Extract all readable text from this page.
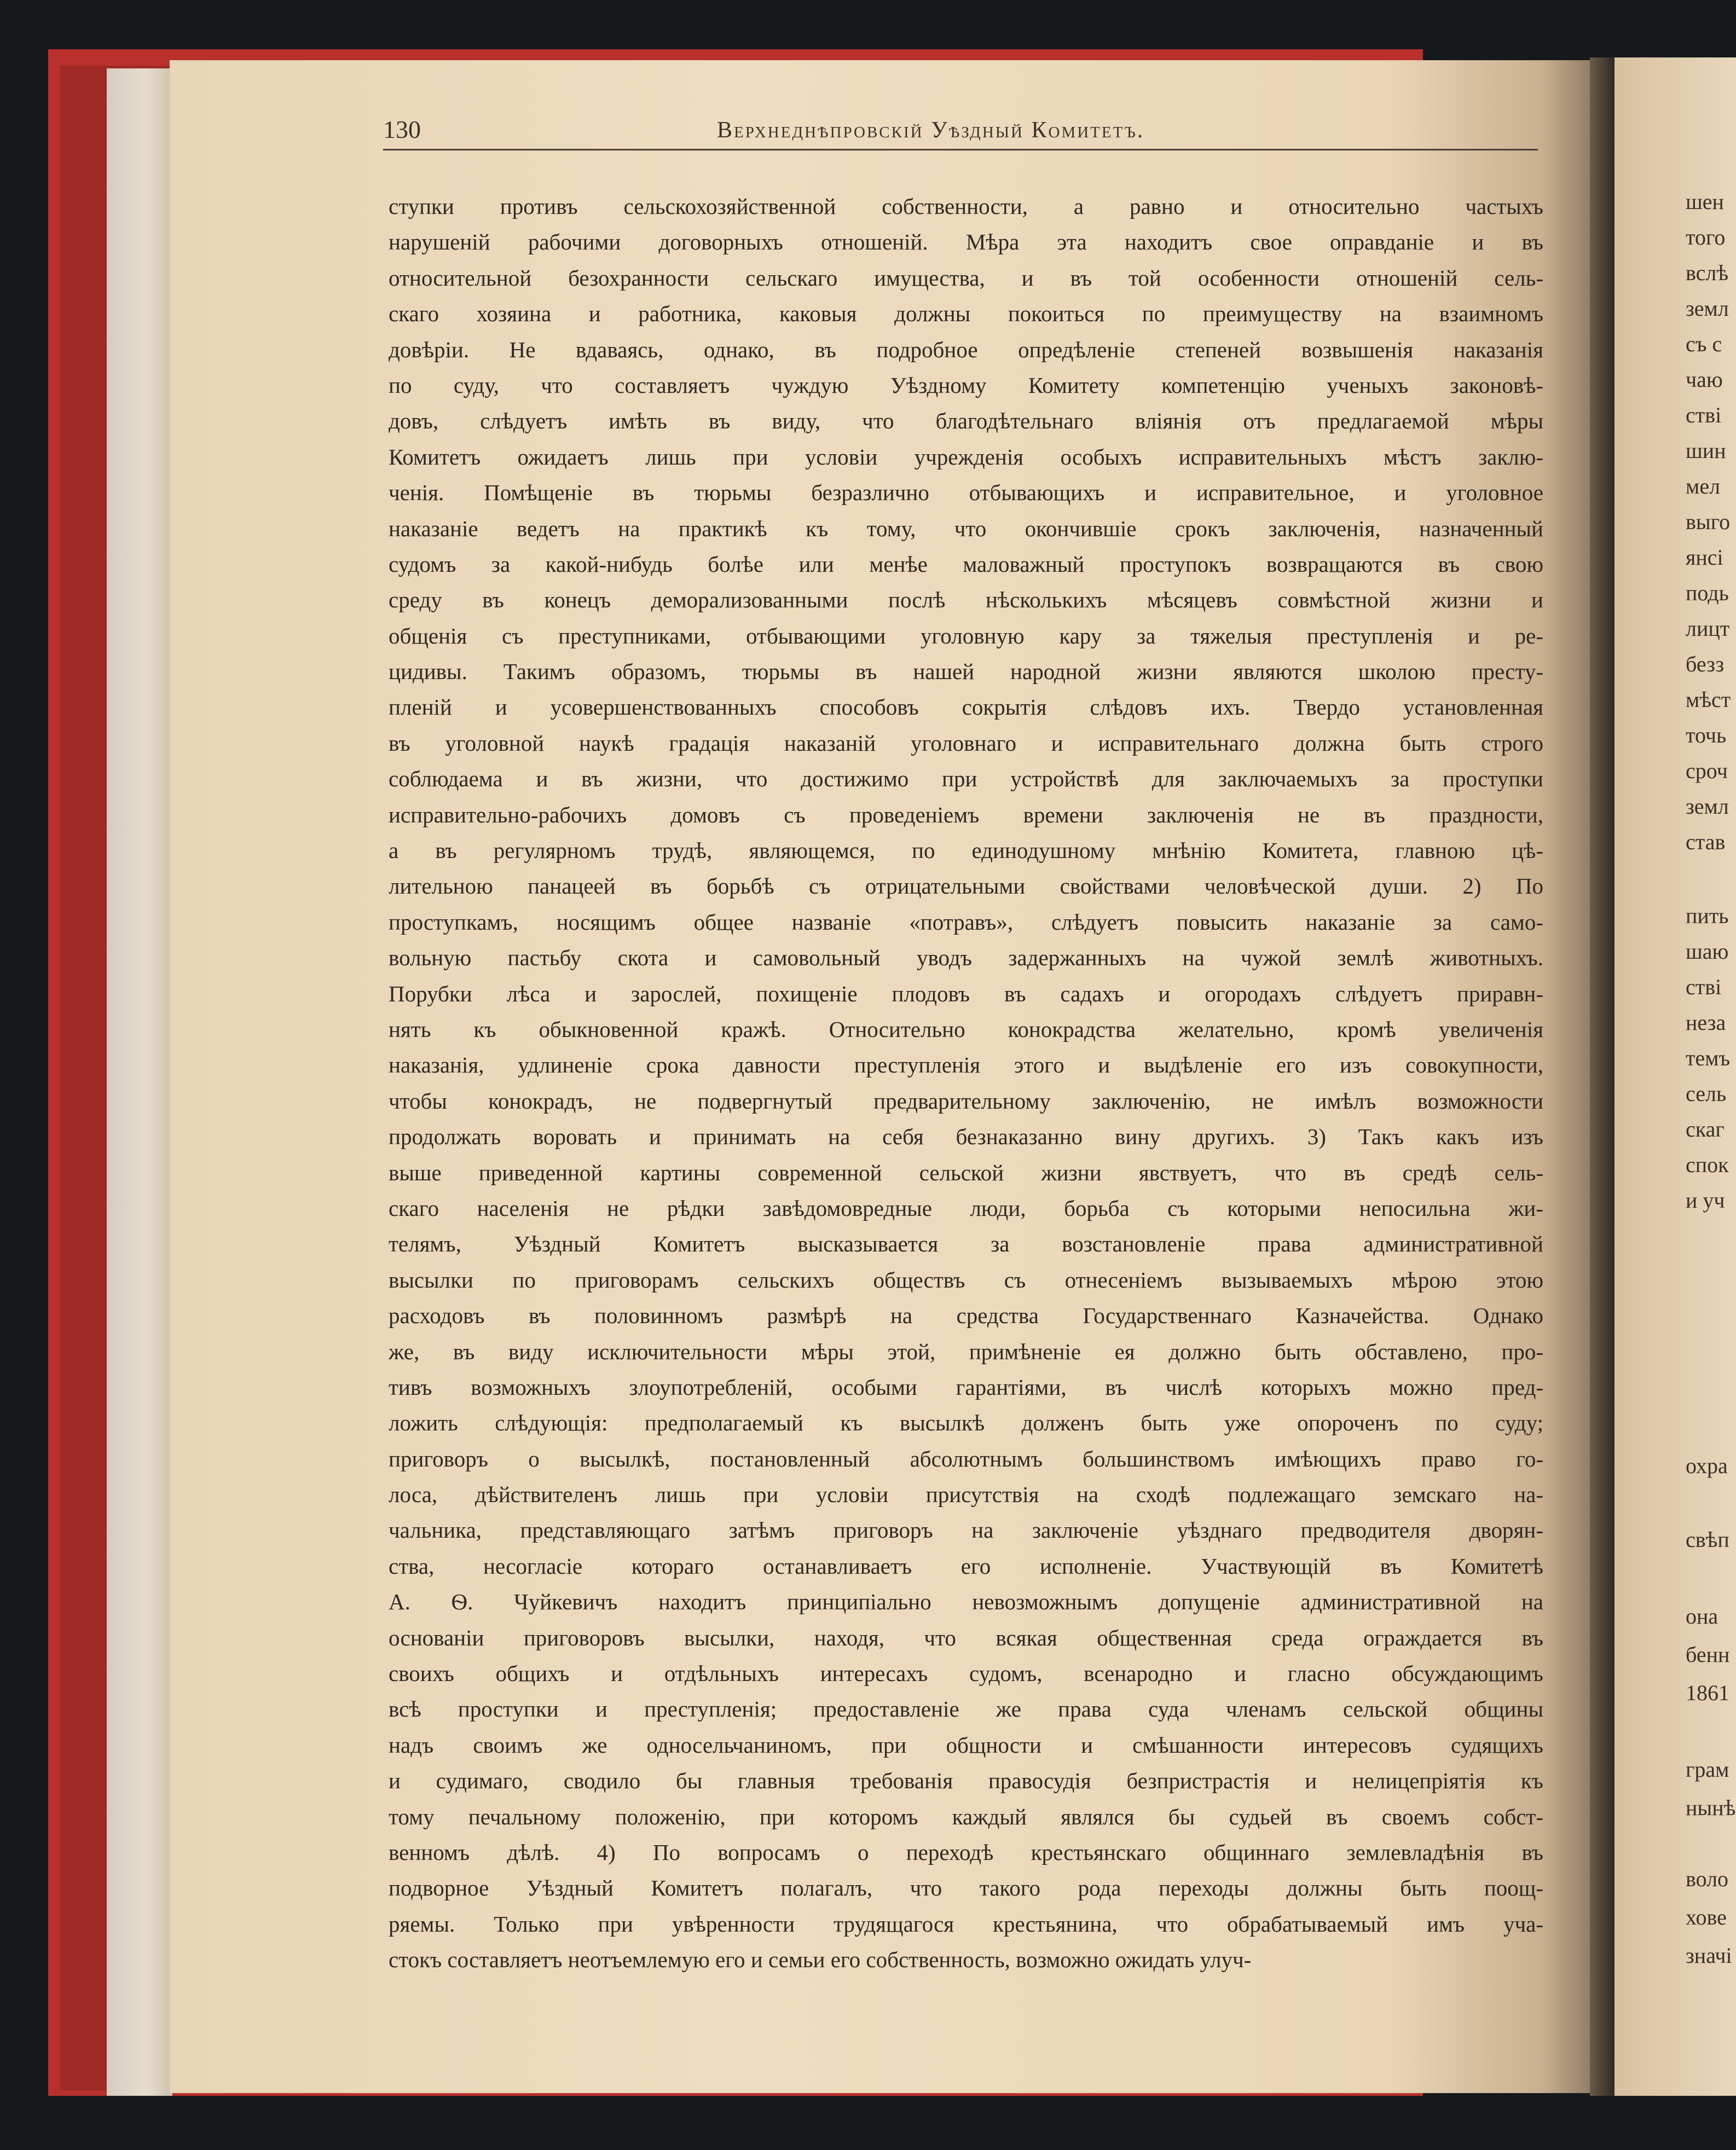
130	Верхнеднѣпровскій Уѣздный Комитетъ.
ступки противъ сельскохозяйственной собственности, а равно и относительно частыхъ
нарушеній рабочими договорныхъ отношеній. Мѣра эта находитъ свое оправданіе и въ
относительной безохранности сельскаго имущества, и въ той особенности отношеній сель-
скаго хозяина и работника, каковыя должны покоиться по преимуществу на взаимномъ
довѣріи. Не вдаваясь, однако, въ подробное опредѣленіе степеней возвышенія наказанія
по суду, что составляетъ чуждую Уѣздному Комитету компетенцію ученыхъ законовѣ-
довъ, слѣдуетъ имѣть въ виду, что благодѣтельнаго вліянія отъ предлагаемой мѣры
Комитетъ ожидаетъ лишь при условіи учрежденія особыхъ исправительныхъ мѣстъ заклю-
ченія. Помѣщеніе въ тюрьмы безразлично отбывающихъ и исправительное, и уголовное
наказаніе ведетъ на практикѣ къ тому, что окончившіе срокъ заключенія, назначенный
судомъ за какой-нибудь болѣе или менѣе маловажный проступокъ возвращаются въ свою
среду въ конецъ деморализованными послѣ нѣсколькихъ мѣсяцевъ совмѣстной жизни и
общенія съ преступниками, отбывающими уголовную кару за тяжелыя преступленія и ре-
цидивы. Такимъ образомъ, тюрьмы въ нашей народной жизни являются школою престу-
пленій и усовершенствованныхъ способовъ сокрытія слѣдовъ ихъ. Твердо установленная
въ уголовной наукѣ градація наказаній уголовнаго и исправительнаго должна быть строго
соблюдаема и въ жизни, что достижимо при устройствѣ для заключаемыхъ за проступки
исправительно-рабочихъ домовъ съ проведеніемъ времени заключенія не въ праздности,
а въ регулярномъ трудѣ, являющемся, по единодушному мнѣнію Комитета, главною цѣ-
лительною панацеей въ борьбѣ съ отрицательными свойствами человѣческой души. 2) По
проступкамъ, носящимъ общее названіе «потравъ», слѣдуетъ повысить наказаніе за само-
вольную пастьбу скота и самовольный уводъ задержанныхъ на чужой землѣ животныхъ.
Порубки лѣса и зарослей, похищеніе плодовъ въ садахъ и огородахъ слѣдуетъ приравн-
нять къ обыкновенной кражѣ. Относительно конокрадства желательно, кромѣ увеличенія
наказанія, удлиненіе срока давности преступленія этого и выдѣленіе его изъ совокупности,
чтобы конокрадъ, не подвергнутый предварительному заключенію, не имѣлъ возможности
продолжать воровать и принимать на себя безнаказанно вину другихъ. 3) Такъ какъ изъ
выше приведенной картины современной сельской жизни явствуетъ, что въ средѣ сель-
скаго населенія не рѣдки завѣдомовредные люди, борьба съ которыми непосильна жи-
телямъ, Уѣздный Комитетъ высказывается за возстановленіе права административной
высылки по приговорамъ сельскихъ обществъ съ отнесеніемъ вызываемыхъ мѣрою этою
расходовъ въ половинномъ размѣрѣ на средства Государственнаго Казначейства. Однако
же, въ виду исключительности мѣры этой, примѣненіе ея должно быть обставлено, про-
тивъ возможныхъ злоупотребленій, особыми гарантіями, въ числѣ которыхъ можно пред-
ложить слѣдующія: предполагаемый къ высылкѣ долженъ быть уже опороченъ по суду;
приговоръ о высылкѣ, постановленный абсолютнымъ большинствомъ имѣющихъ право го-
лоса, дѣйствителенъ лишь при условіи присутствія на сходѣ подлежащаго земскаго на-
чальника, представляющаго затѣмъ приговоръ на заключеніе уѣзднаго предводителя дворян-
ства, несогласіе котораго останавливаетъ его исполненіе. Участвующій въ Комитетѣ
А. Ѳ. Чуйкевичъ находитъ принципіально невозможнымъ допущеніе административной на
основаніи приговоровъ высылки, находя, что всякая общественная среда ограждается въ
своихъ общихъ и отдѣльныхъ интересахъ судомъ, всенародно и гласно обсуждающимъ
всѣ проступки и преступленія; предоставленіе же права суда членамъ сельской общины
надъ своимъ же односельчаниномъ, при общности и смѣшанности интересовъ судящихъ
и судимаго, сводило бы главныя требованія правосудія безпристрастія и нелицепріятія къ
тому печальному положенію, при которомъ каждый являлся бы судьей въ своемъ собст-
венномъ дѣлѣ. 4) По вопросамъ о переходѣ крестьянскаго общиннаго землевладѣнія въ
подворное Уѣздный Комитетъ полагалъ, что такого рода переходы должны быть поощ-
ряемы. Только при увѣренности трудящагося крестьянина, что обрабатываемый имъ уча-
стокъ составляетъ неотъемлемую его и семьи его собственность, возможно ожидать улуч-
шен
того
вслѣ
земл
съ с
чаю
стві
шин
мел
выго
янсі
подь
лицт
безз
мѣст
точь
сроч
земл
став
пить
шаю
стві
неза
темъ
сель
скаг
спок
и уч
охра
свѣп
она
бенн
1861
грам
нынѣ
воло
хове
значі
